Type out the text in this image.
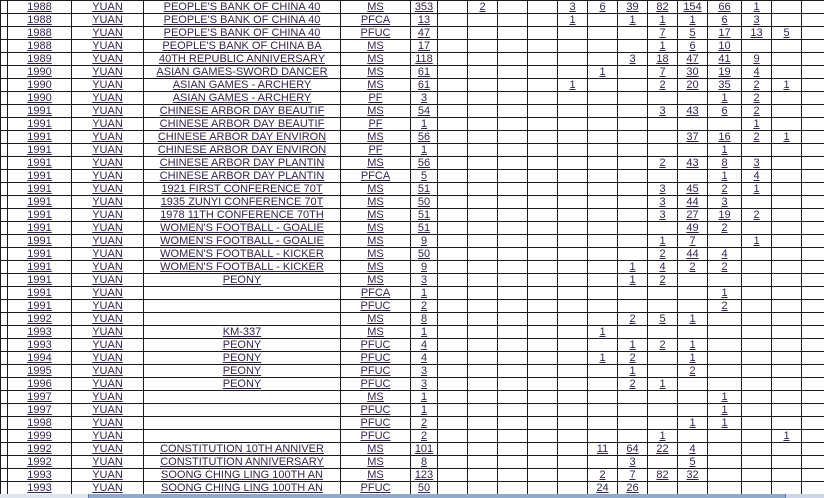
	1988	YUAN	PEOPLE'S BANK OF CHINA 40	MS	353		2			3	6	39	82	154	66	1		
	1988	YUAN	PEOPLE'S BANK OF CHINA 40	PFCA	13					1		1	1	1	6	3		
	1988	YUAN	PEOPLE'S BANK OF CHINA 40	PFUC	47								7	5	17	13	5	
	1988	YUAN	PEOPLE'S BANK OF CHINA BA	MS	17								1	6	10			
	1989	YUAN	40TH REPUBLIC ANNIVERSARY	MS	118							3	18	47	41	9		
	1990	YUAN	ASIAN GAMES-SWORD DANCER	MS	61						1		7	30	19	4		
	1990	YUAN	ASIAN GAMES - ARCHERY	MS	61					1			2	20	35	2	1	
	1990	YUAN	ASIAN GAMES - ARCHERY	PF	3										1	2		
	1991	YUAN	CHINESE ARBOR DAY BEAUTIF	MS	54								3	43	6	2		
	1991	YUAN	CHINESE ARBOR DAY BEAUTIF	PF	1											1		
	1991	YUAN	CHINESE ARBOR DAY ENVIRON	MS	56									37	16	2	1	
	1991	YUAN	CHINESE ARBOR DAY ENVIRON	PF	1										1			
	1991	YUAN	CHINESE ARBOR DAY PLANTIN	MS	56								2	43	8	3		
	1991	YUAN	CHINESE ARBOR DAY PLANTIN	PFCA	5										1	4		
	1991	YUAN	1921 FIRST CONFERENCE 70T	MS	51								3	45	2	1		
	1991	YUAN	1935 ZUNYI CONFERENCE 70T	MS	50								3	44	3			
	1991	YUAN	1978 11TH CONFERENCE 70TH	MS	51								3	27	19	2		
	1991	YUAN	WOMEN'S FOOTBALL - GOALIE	MS	51									49	2			
	1991	YUAN	WOMEN'S FOOTBALL - GOALIE	MS	9								1	7		1		
	1991	YUAN	WOMEN'S FOOTBALL - KICKER	MS	50								2	44	4			
	1991	YUAN	WOMEN'S FOOTBALL - KICKER	MS	9							1	4	2	2			
	1991	YUAN	PEONY	MS	3							1	2					
	1991	YUAN		PFCA	1										1			
	1991	YUAN		PFUC	2										2			
	1992	YUAN		MS	8							2	5	1				
	1993	YUAN	KM-337	MS	1						1							
	1993	YUAN	PEONY	PFUC	4							1	2	1				
	1994	YUAN	PEONY	PFUC	4						1	2		1				
	1995	YUAN	PEONY	PFUC	3							1		2				
	1996	YUAN	PEONY	PFUC	3							2	1					
	1997	YUAN		MS	1										1			
	1997	YUAN		PFUC	1										1			
	1998	YUAN		PFUC	2									1	1			
	1999	YUAN		PFUC	2								1				1	
	1992	YUAN	CONSTITUTION 10TH ANNIVER	MS	101						11	64	22	4				
	1992	YUAN	CONSTITUTION ANNIVERSARY	MS	8							3		5				
	1993	YUAN	SOONG CHING LING 100TH AN	MS	123						2	7	82	32				
	1993	YUAN	SOONG CHING LING 100TH AN	PFUC	50						24	26						
